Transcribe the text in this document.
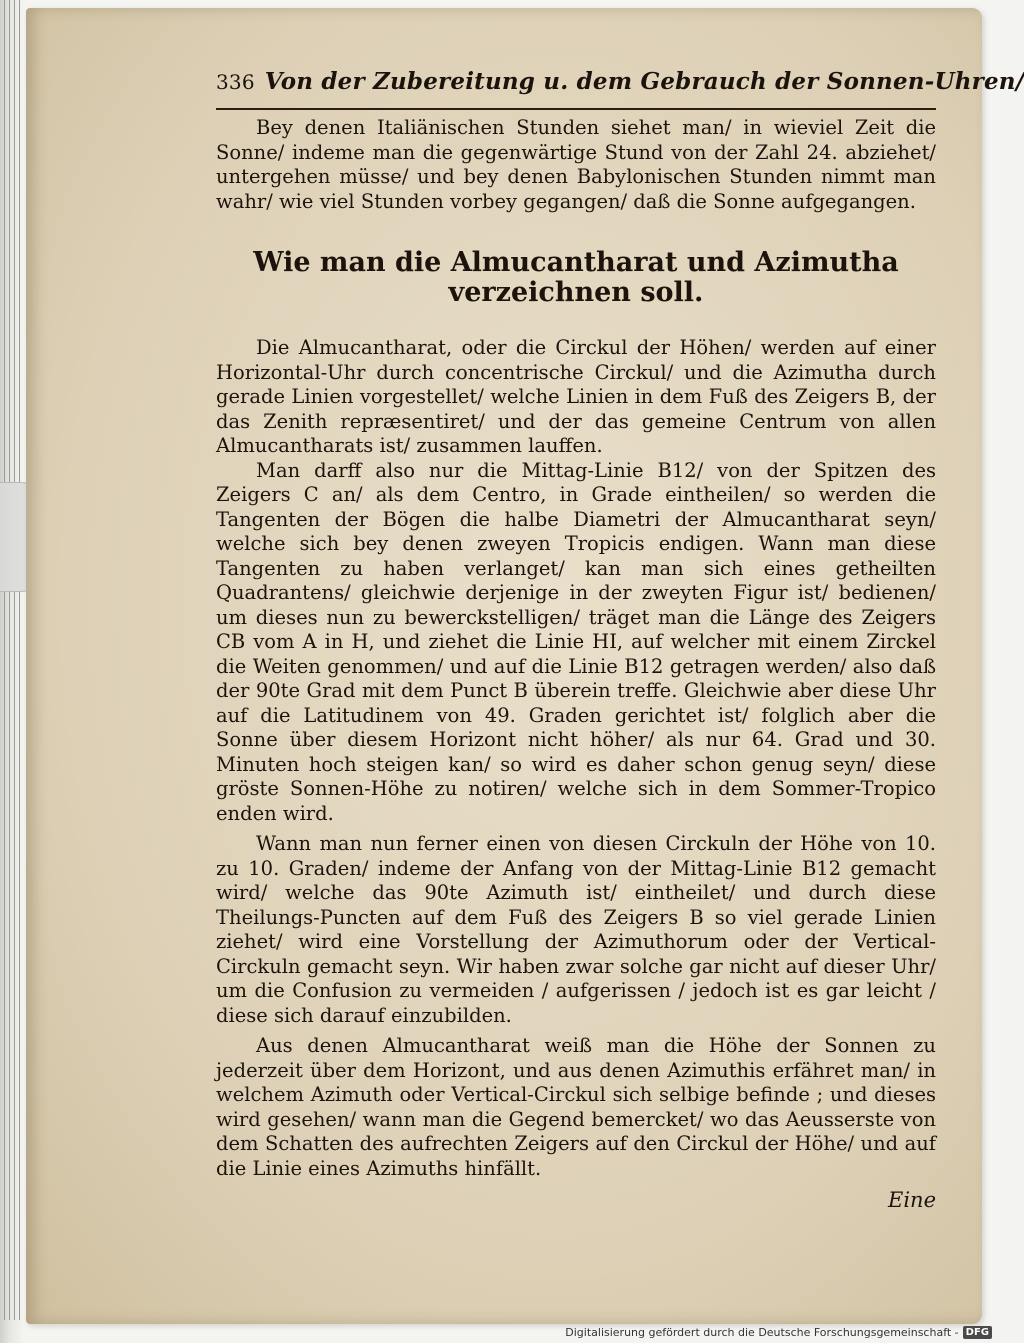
336 Von der Zubereitung u. dem Gebrauch der Sonnen-Uhren/

Bey denen Italiänischen Stunden siehet man/ in wieviel Zeit die Sonne/ indeme man die gegenwärtige Stund von der Zahl 24. abziehet/ untergehen müsse/ und bey denen Babylonischen Stunden nimmt man wahr/ wie viel Stunden vorbey gegangen/ daß die Sonne aufgegangen.

Wie man die Almucantharat und Azimutha verzeichnen soll.

Die Almucantharat, oder die Circkul der Höhen/ werden auf einer Horizontal-Uhr durch concentrische Circkul/ und die Azimutha durch gerade Linien vorgestellet/ welche Linien in dem Fuß des Zeigers B, der das Zenith repræsentiret/ und der das gemeine Centrum von allen Almucantharats ist/ zusammen lauffen.

Man darff also nur die Mittag-Linie B12/ von der Spitzen des Zeigers C an/ als dem Centro, in Grade eintheilen/ so werden die Tangenten der Bögen die halbe Diametri der Almucantharat seyn/ welche sich bey denen zweyen Tropicis endigen. Wann man diese Tangenten zu haben verlanget/ kan man sich eines getheilten Quadrantens/ gleichwie derjenige in der zweyten Figur ist/ bedienen/ um dieses nun zu bewerckstelligen/ träget man die Länge des Zeigers CB vom A in H, und ziehet die Linie HI, auf welcher mit einem Zirckel die Weiten genommen/ und auf die Linie B12 getragen werden/ also daß der 90te Grad mit dem Punct B überein treffe. Gleichwie aber diese Uhr auf die Latitudinem von 49. Graden gerichtet ist/ folglich aber die Sonne über diesem Horizont nicht höher/ als nur 64. Grad und 30. Minuten hoch steigen kan/ so wird es daher schon genug seyn/ diese gröste Sonnen-Höhe zu notiren/ welche sich in dem Sommer-Tropico enden wird.

Wann man nun ferner einen von diesen Circkuln der Höhe von 10. zu 10. Graden/ indeme der Anfang von der Mittag-Linie B12 gemacht wird/ welche das 90te Azimuth ist/ eintheilet/ und durch diese Theilungs-Puncten auf dem Fuß des Zeigers B so viel gerade Linien ziehet/ wird eine Vorstellung der Azimuthorum oder der Vertical-Circkuln gemacht seyn. Wir haben zwar solche gar nicht auf dieser Uhr/ um die Confusion zu vermeiden / aufgerissen / jedoch ist es gar leicht / diese sich darauf einzubilden.

Aus denen Almucantharat weiß man die Höhe der Sonnen zu jederzeit über dem Horizont, und aus denen Azimuthis erfähret man/ in welchem Azimuth oder Vertical-Circkul sich selbige befinde ; und dieses wird gesehen/ wann man die Gegend bemercket/ wo das Aeusserste von dem Schatten des aufrechten Zeigers auf den Circkul der Höhe/ und auf die Linie eines Azimuths hinfällt.

Eine
Digitalisierung gefördert durch die Deutsche Forschungsgemeinschaft - DFG
